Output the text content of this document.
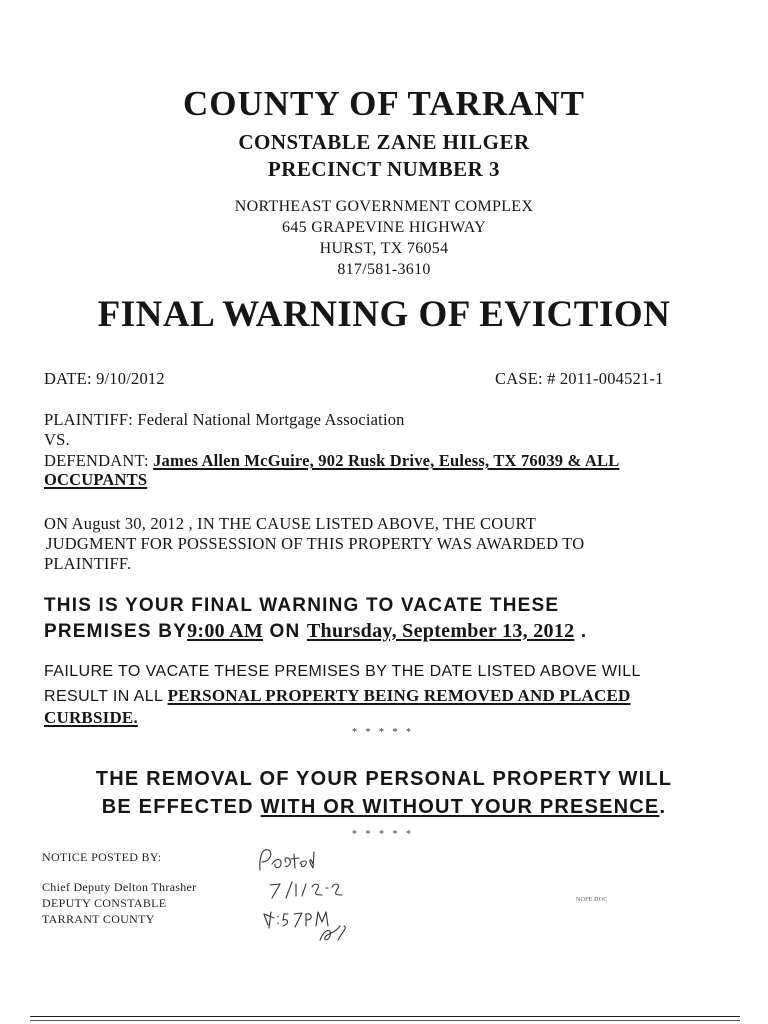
COUNTY OF TARRANT
CONSTABLE ZANE HILGER
PRECINCT NUMBER 3
NORTHEAST GOVERNMENT COMPLEX
645 GRAPEVINE HIGHWAY
HURST, TX 76054
817/581-3610
FINAL WARNING OF EVICTION
DATE: 9/10/2012	CASE: # 2011-004521-1
PLAINTIFF: Federal National Mortgage Association
VS.
DEFENDANT: James Allen McGuire, 902 Rusk Drive, Euless, TX 76039 & ALL
OCCUPANTS
ON August 30, 2012 , IN THE CAUSE LISTED ABOVE, THE COURT
JUDGMENT FOR POSSESSION OF THIS PROPERTY WAS AWARDED TO
PLAINTIFF.
THIS IS YOUR FINAL WARNING TO VACATE THESE
PREMISES BY9:00 AM ON Thursday, September 13, 2012 .
FAILURE TO VACATE THESE PREMISES BY THE DATE LISTED ABOVE WILL
RESULT IN ALL PERSONAL PROPERTY BEING REMOVED AND PLACED
CURBSIDE.
* * * * *
THE REMOVAL OF YOUR PERSONAL PROPERTY WILL
BE EFFECTED WITH OR WITHOUT YOUR PRESENCE.
* * * * *
NOTICE POSTED BY:
Chief Deputy Delton Thrasher
DEPUTY CONSTABLE
TARRANT COUNTY
NOFE.DOC
